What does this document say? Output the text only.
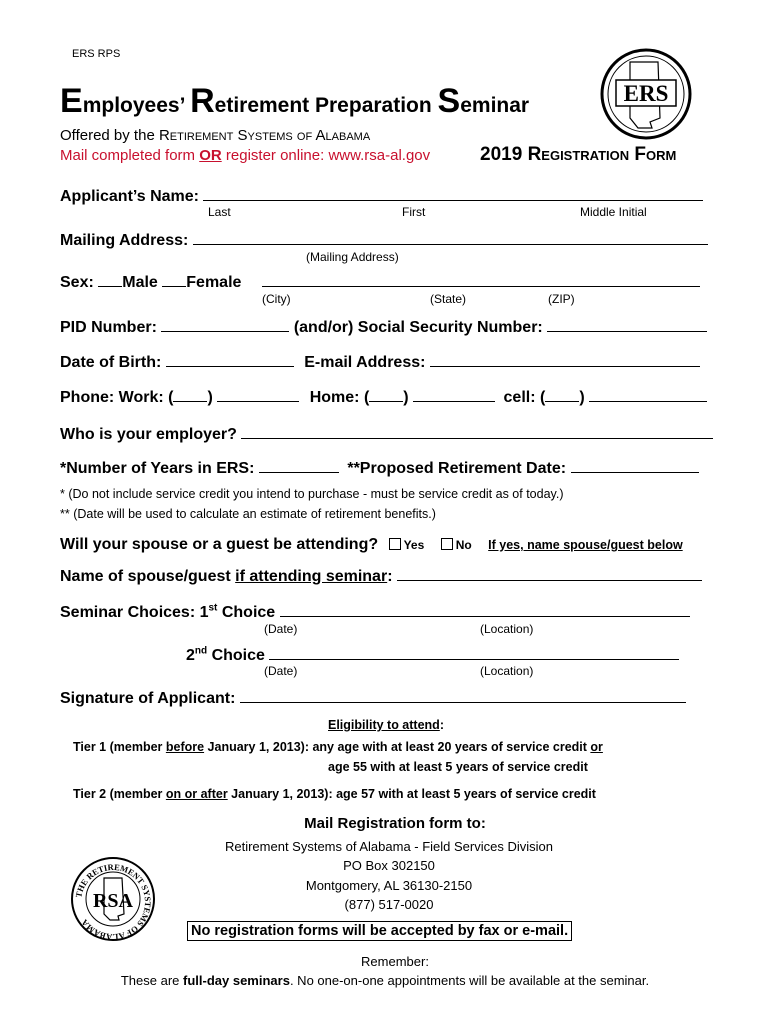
ERS RPS
Employees’ Retirement Preparation Seminar
Offered by the Retirement Systems of Alabama
Mail completed form OR register online: www.rsa-al.gov	2019 Registration Form
ERS
Applicant’s Name:
Last	First	Middle Initial
Mailing Address:
(Mailing Address)
Sex: Male Female
(City)	(State)	(ZIP)
PID Number:	(and/or) Social Security Number:
Date of Birth:	E-mail Address:
Phone: Work: ( )	Home: ( )	cell: ( )
Who is your employer?
*Number of Years in ERS:	**Proposed Retirement Date:
* (Do not include service credit you intend to purchase - must be service credit as of today.)
** (Date will be used to calculate an estimate of retirement benefits.)
Will your spouse or a guest be attending? Yes	No If yes, name spouse/guest below
Name of spouse/guest if attending seminar:
Seminar Choices: 1st Choice
(Date)	(Location)
2nd Choice
(Date)	(Location)
Signature of Applicant:
Eligibility to attend:
Tier 1 (member before January 1, 2013): any age with at least 20 years of service credit or
age 55 with at least 5 years of service credit
Tier 2 (member on or after January 1, 2013): age 57 with at least 5 years of service credit
Mail Registration form to:
Retirement Systems of Alabama - Field Services Division
PO Box 302150
Montgomery, AL 36130-2150
(877) 517-0020
THE RETIREMENT SYSTEMS OF ALABAMA
RSA
No registration forms will be accepted by fax or e-mail.
Remember:
These are full-day seminars. No one-on-one appointments will be available at the seminar.
